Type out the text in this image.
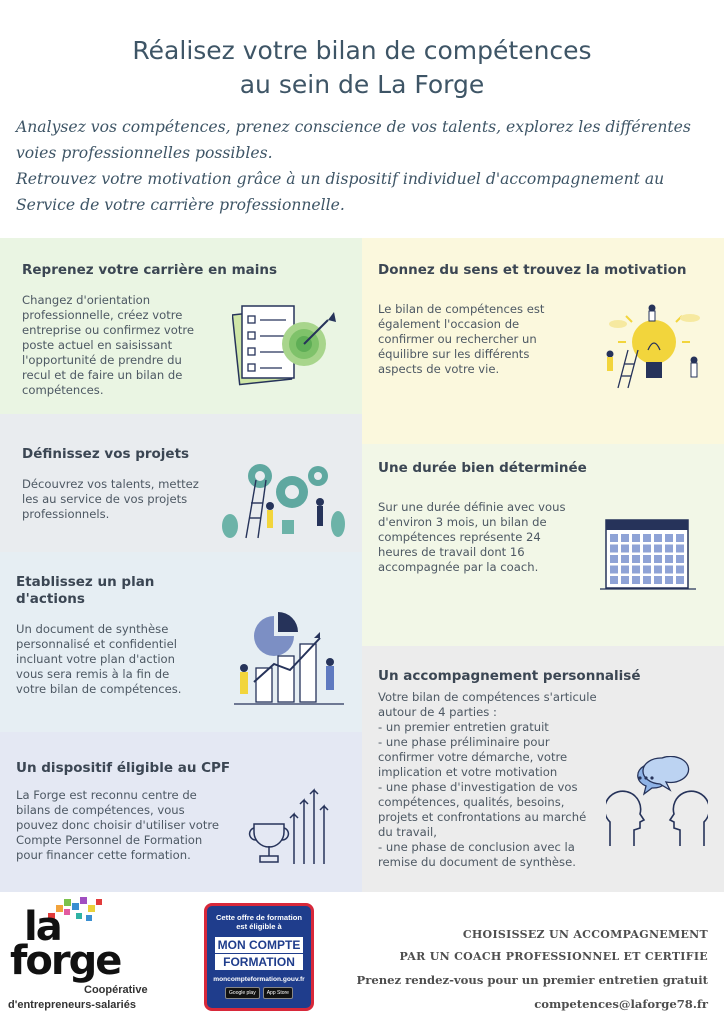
Réalisez votre bilan de compétences
au sein de La Forge
Analysez vos compétences, prenez conscience de vos talents, explorez les différentes
voies professionnelles possibles.
Retrouvez votre motivation grâce à un dispositif individuel d'accompagnement au
Service de votre carrière professionnelle.
Reprenez votre carrière en mains

Changez d'orientation
professionnelle, créez votre
entreprise ou confirmez votre
poste actuel en saisissant
l'opportunité de prendre du
recul et de faire un bilan de
compétences.

Définissez vos projets

Découvrez vos talents, mettez
les au service de vos projets
professionnels.

Etablissez un plan
d'actions

Un document de synthèse
personnalisé et confidentiel
incluant votre plan d'action
vous sera remis à la fin de
votre bilan de compétences.

Un dispositif éligible au CPF

La Forge est reconnu centre de
bilans de compétences, vous
pouvez donc choisir d'utiliser votre
Compte Personnel de Formation
pour financer cette formation.

Donnez du sens et trouvez la motivation

Le bilan de compétences est
également l'occasion de
confirmer ou rechercher un
équilibre sur les différents
aspects de votre vie.

Une durée bien déterminée

Sur une durée définie avec vous
d'environ 3 mois, un bilan de
compétences représente 24
heures de travail dont 16
accompagnée par la coach.

Un accompagnement personnalisé

Votre bilan de compétences s'articule
autour de 4 parties :
- un premier entretien gratuit
- une phase préliminaire pour
confirmer votre démarche, votre
implication et votre motivation
- une phase d'investigation de vos
compétences, qualités, besoins,
projets et confrontations au marché
du travail,
- une phase de conclusion avec la
remise du document de synthèse.

la
forge
Coopérative
d'entrepreneurs-salariés
Cette offre de formation
est éligible à
MON COMPTE
FORMATION
moncompteformation.gouv.fr
Google play	App Store
CHOISISSEZ UN ACCOMPAGNEMENT
PAR UN COACH PROFESSIONNEL ET CERTIFIE
Prenez rendez-vous pour un premier entretien gratuit
competences@laforge78.fr
